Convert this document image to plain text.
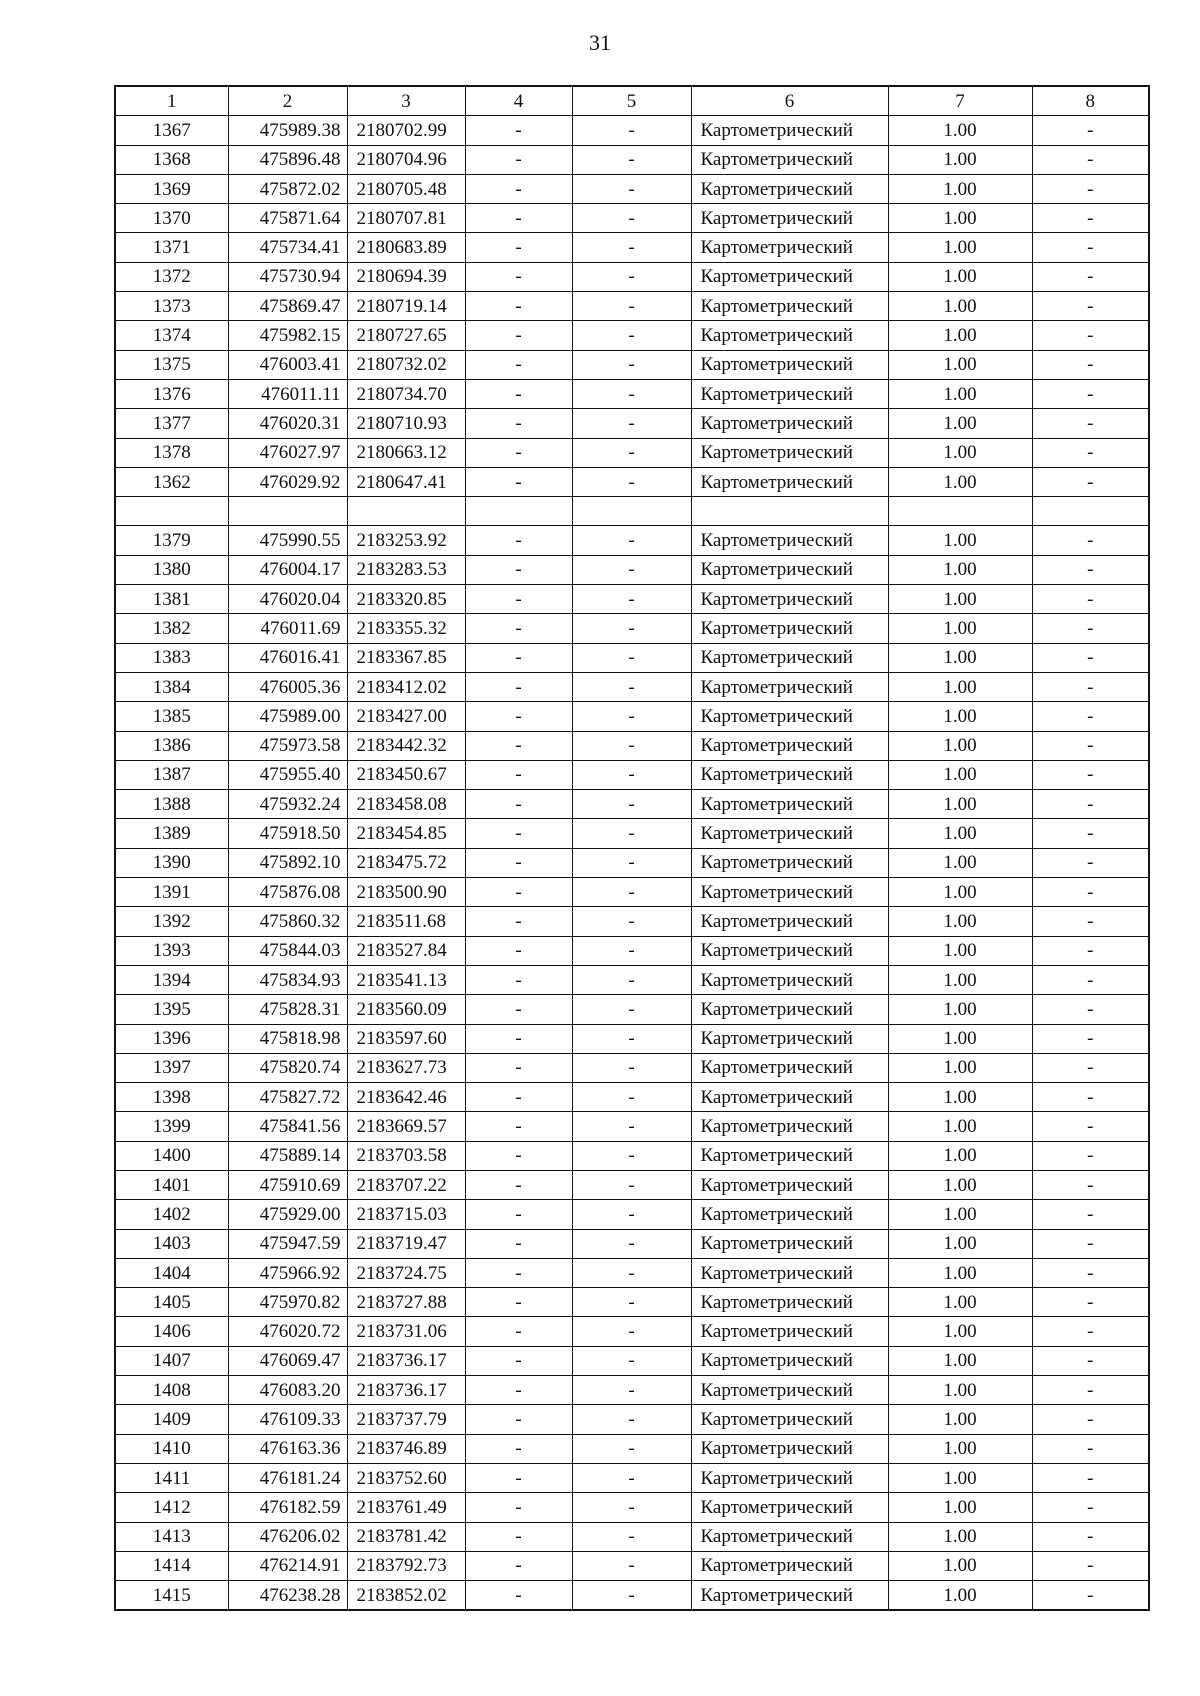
31
1	2	3	4	5	6	7	8
1367	475989.38	2180702.99	-	-	Картометрический	1.00	-
1368	475896.48	2180704.96	-	-	Картометрический	1.00	-
1369	475872.02	2180705.48	-	-	Картометрический	1.00	-
1370	475871.64	2180707.81	-	-	Картометрический	1.00	-
1371	475734.41	2180683.89	-	-	Картометрический	1.00	-
1372	475730.94	2180694.39	-	-	Картометрический	1.00	-
1373	475869.47	2180719.14	-	-	Картометрический	1.00	-
1374	475982.15	2180727.65	-	-	Картометрический	1.00	-
1375	476003.41	2180732.02	-	-	Картометрический	1.00	-
1376	476011.11	2180734.70	-	-	Картометрический	1.00	-
1377	476020.31	2180710.93	-	-	Картометрический	1.00	-
1378	476027.97	2180663.12	-	-	Картометрический	1.00	-
1362	476029.92	2180647.41	-	-	Картометрический	1.00	-

1379	475990.55	2183253.92	-	-	Картометрический	1.00	-
1380	476004.17	2183283.53	-	-	Картометрический	1.00	-
1381	476020.04	2183320.85	-	-	Картометрический	1.00	-
1382	476011.69	2183355.32	-	-	Картометрический	1.00	-
1383	476016.41	2183367.85	-	-	Картометрический	1.00	-
1384	476005.36	2183412.02	-	-	Картометрический	1.00	-
1385	475989.00	2183427.00	-	-	Картометрический	1.00	-
1386	475973.58	2183442.32	-	-	Картометрический	1.00	-
1387	475955.40	2183450.67	-	-	Картометрический	1.00	-
1388	475932.24	2183458.08	-	-	Картометрический	1.00	-
1389	475918.50	2183454.85	-	-	Картометрический	1.00	-
1390	475892.10	2183475.72	-	-	Картометрический	1.00	-
1391	475876.08	2183500.90	-	-	Картометрический	1.00	-
1392	475860.32	2183511.68	-	-	Картометрический	1.00	-
1393	475844.03	2183527.84	-	-	Картометрический	1.00	-
1394	475834.93	2183541.13	-	-	Картометрический	1.00	-
1395	475828.31	2183560.09	-	-	Картометрический	1.00	-
1396	475818.98	2183597.60	-	-	Картометрический	1.00	-
1397	475820.74	2183627.73	-	-	Картометрический	1.00	-
1398	475827.72	2183642.46	-	-	Картометрический	1.00	-
1399	475841.56	2183669.57	-	-	Картометрический	1.00	-
1400	475889.14	2183703.58	-	-	Картометрический	1.00	-
1401	475910.69	2183707.22	-	-	Картометрический	1.00	-
1402	475929.00	2183715.03	-	-	Картометрический	1.00	-
1403	475947.59	2183719.47	-	-	Картометрический	1.00	-
1404	475966.92	2183724.75	-	-	Картометрический	1.00	-
1405	475970.82	2183727.88	-	-	Картометрический	1.00	-
1406	476020.72	2183731.06	-	-	Картометрический	1.00	-
1407	476069.47	2183736.17	-	-	Картометрический	1.00	-
1408	476083.20	2183736.17	-	-	Картометрический	1.00	-
1409	476109.33	2183737.79	-	-	Картометрический	1.00	-
1410	476163.36	2183746.89	-	-	Картометрический	1.00	-
1411	476181.24	2183752.60	-	-	Картометрический	1.00	-
1412	476182.59	2183761.49	-	-	Картометрический	1.00	-
1413	476206.02	2183781.42	-	-	Картометрический	1.00	-
1414	476214.91	2183792.73	-	-	Картометрический	1.00	-
1415	476238.28	2183852.02	-	-	Картометрический	1.00	-
